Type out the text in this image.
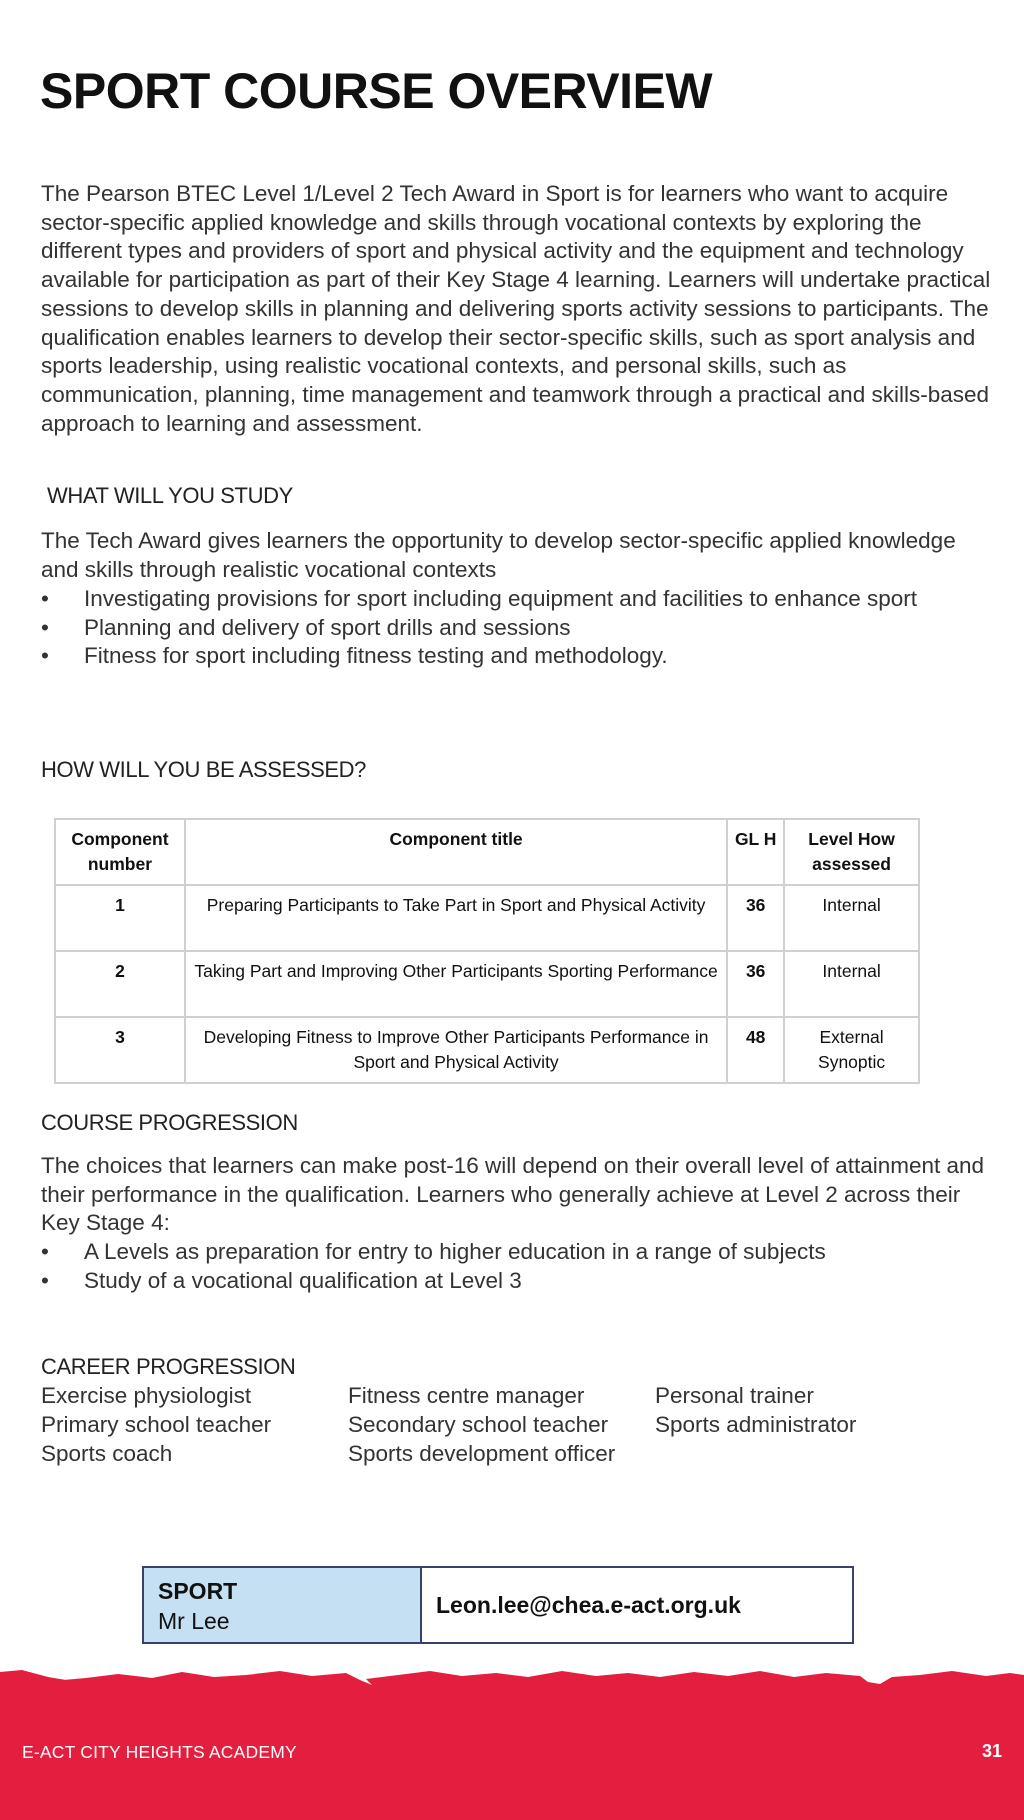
SPORT COURSE OVERVIEW

The Pearson BTEC Level 1/Level 2 Tech Award in Sport is for learners who want to acquire sector-specific applied knowledge and skills through vocational contexts by exploring the different types and providers of sport and physical activity and the equipment and technology available for participation as part of their Key Stage 4 learning. Learners will undertake practical sessions to develop skills in planning and delivering sports activity sessions to participants. The qualification enables learners to develop their sector-specific skills, such as sport analysis and sports leadership, using realistic vocational contexts, and personal skills, such as communication, planning, time management and teamwork through a practical and skills-based approach to learning and assessment.

WHAT WILL YOU STUDY

The Tech Award gives learners the opportunity to develop sector-specific applied knowledge and skills through realistic vocational contexts

• Investigating provisions for sport including equipment and facilities to enhance sport
• Planning and delivery of sport drills and sessions
• Fitness for sport including fitness testing and methodology.
HOW WILL YOU BE ASSESSED?
Component number	Component title	GL H	Level How assessed
1	Preparing Participants to Take Part in Sport and Physical Activity	36	Internal
2	Taking Part and Improving Other Participants Sporting Performance	36	Internal
3	Developing Fitness to Improve Other Participants Performance in Sport and Physical Activity	48	External Synoptic
COURSE PROGRESSION

The choices that learners can make post-16 will depend on their overall level of attainment and their performance in the qualification. Learners who generally achieve at Level 2 across their Key Stage 4:

• A Levels as preparation for entry to higher education in a range of subjects
• Study of a vocational qualification at Level 3
CAREER PROGRESSION
Exercise physiologist	Fitness centre manager	Personal trainer
Primary school teacher	Secondary school teacher	Sports administrator
Sports coach	Sports development officer
SPORT
Mr Lee
Leon.lee@chea.e-act.org.uk
E-ACT CITY HEIGHTS ACADEMY	31
